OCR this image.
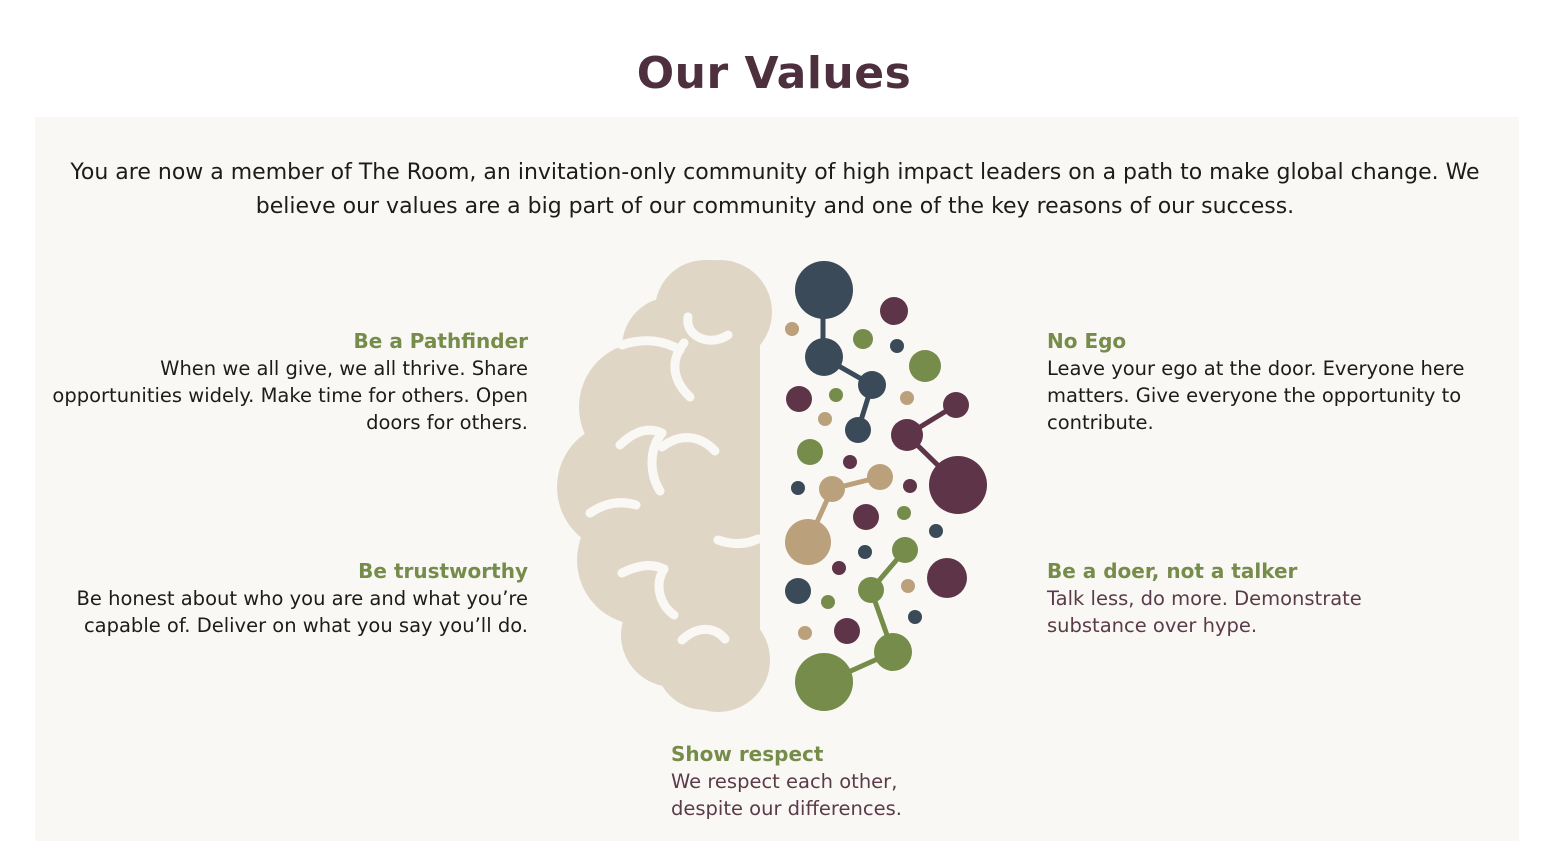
Our Values

You are now a member of The Room, an invitation-only community of high impact leaders on a path to make global change. We believe our values are a big part of our community and one of the key reasons of our success.

Be a Pathfinder

When we all give, we all thrive. Share opportunities widely. Make time for others. Open doors for others.

Be trustworthy

Be honest about who you are and what you’re capable of. Deliver on what you say you’ll do.

No Ego

Leave your ego at the door. Everyone here matters. Give everyone the opportunity to contribute.

Be a doer, not a talker

Talk less, do more. Demonstrate substance over hype.

Show respect

We respect each other, despite our differences.
